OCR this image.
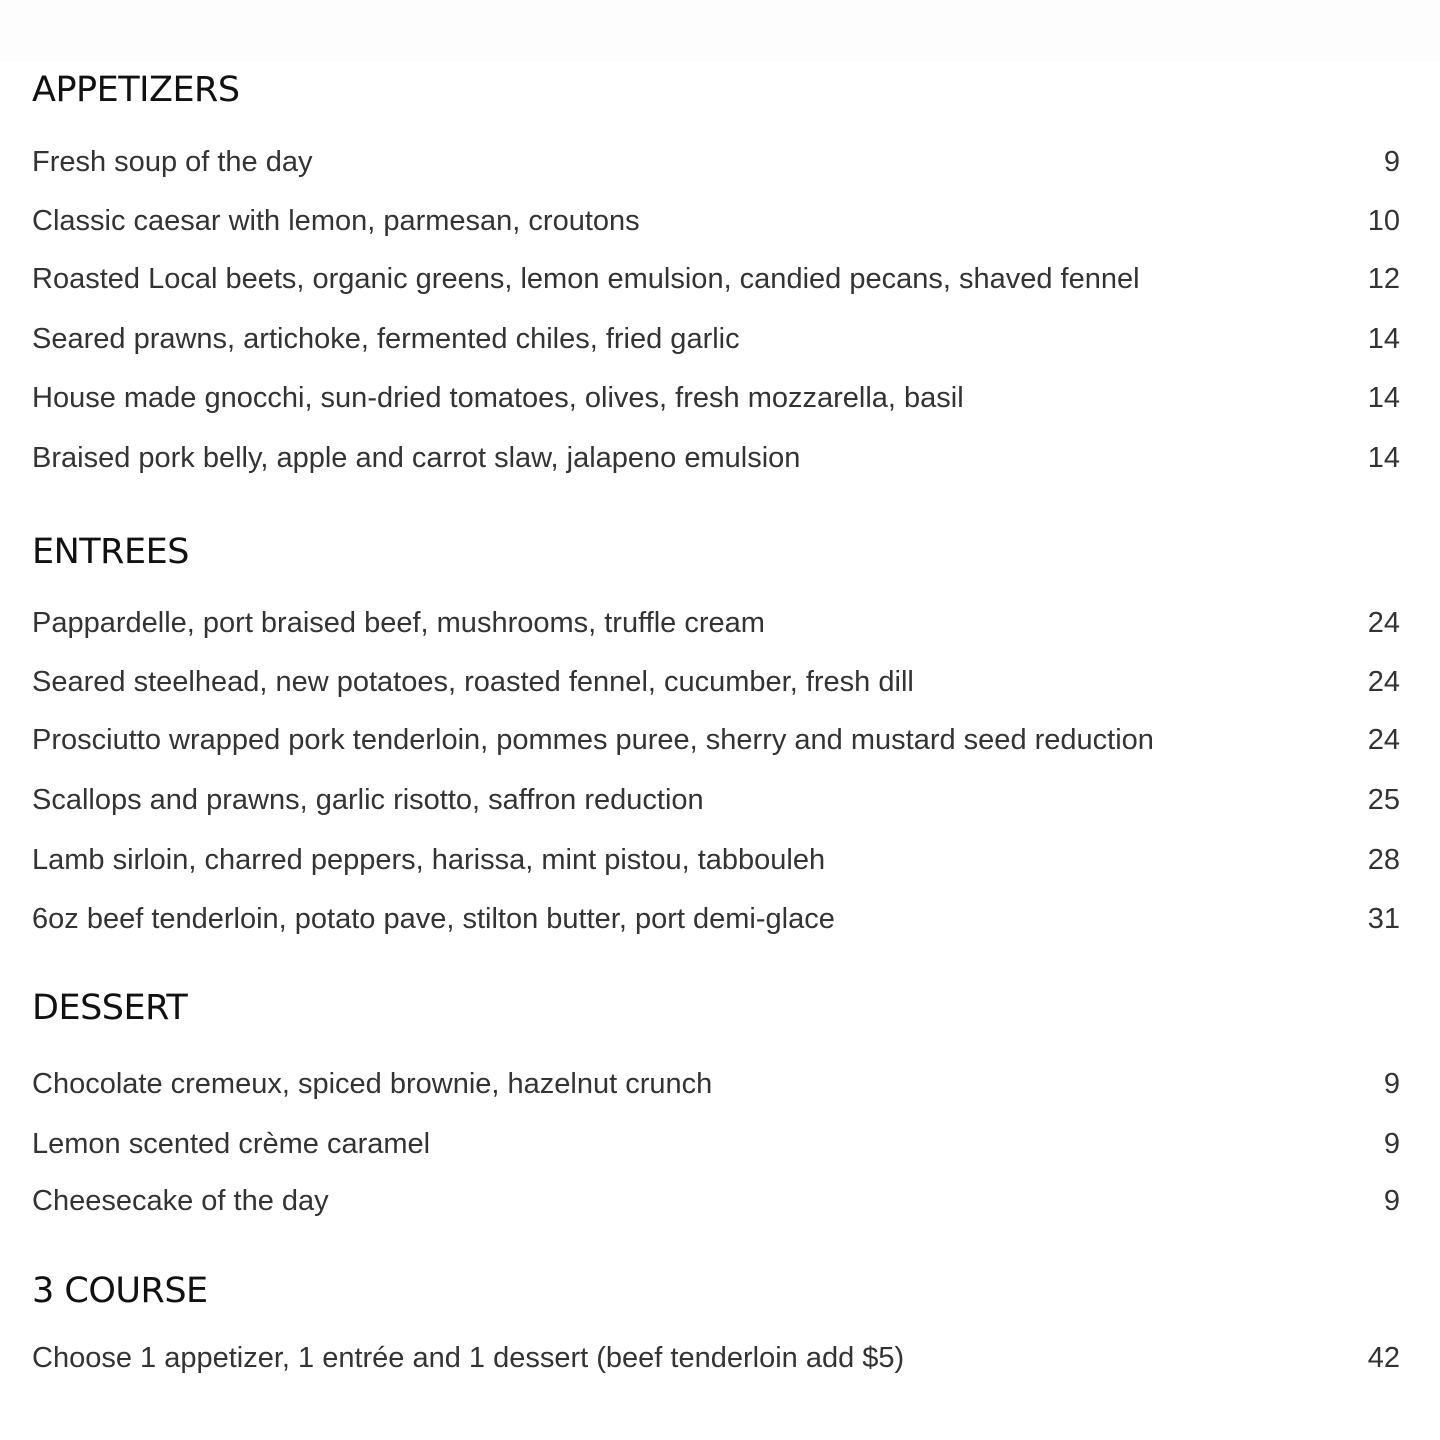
APPETIZERS
Fresh soup of the day	9
Classic caesar with lemon, parmesan, croutons	10
Roasted Local beets, organic greens, lemon emulsion, candied pecans, shaved fennel	12
Seared prawns, artichoke, fermented chiles, fried garlic	14
House made gnocchi, sun-dried tomatoes, olives, fresh mozzarella, basil	14
Braised pork belly, apple and carrot slaw, jalapeno emulsion	14
ENTREES
Pappardelle, port braised beef, mushrooms, truffle cream	24
Seared steelhead, new potatoes, roasted fennel, cucumber, fresh dill	24
Prosciutto wrapped pork tenderloin, pommes puree, sherry and mustard seed reduction	24
Scallops and prawns, garlic risotto, saffron reduction	25
Lamb sirloin, charred peppers, harissa, mint pistou, tabbouleh	28
6oz beef tenderloin, potato pave, stilton butter, port demi-glace	31
DESSERT
Chocolate cremeux, spiced brownie, hazelnut crunch	9
Lemon scented crème caramel	9
Cheesecake of the day	9
3 COURSE
Choose 1 appetizer, 1 entrée and 1 dessert (beef tenderloin add $5)	42
